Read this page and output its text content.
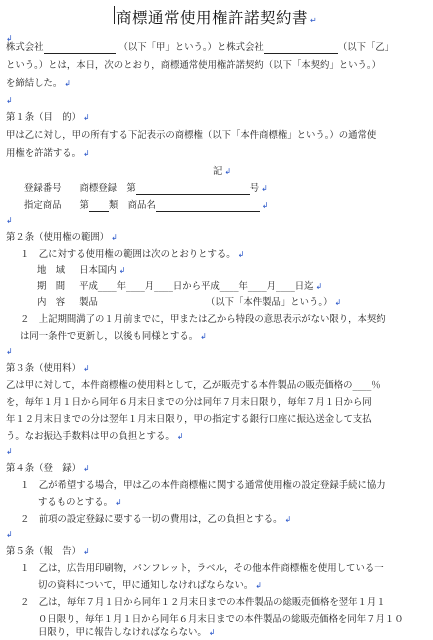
商標通常使用権許諾契約書 ↵
↲
株式会社	（以下「甲」という。）と株式会社	（以下「乙」
という。）とは，本日，次のとおり，商標通常使用権許諾契約（以下「本契約」という。）
を締結した。 ↲
↲
第１条（目　的） ↲
甲は乙に対し，甲の所有する下記表示の商標権（以下「本件商標権」という。）の通常使
用権を許諾する。 ↲
記 ↲
登録番号 商標登録　第	号 ↲
指定商品 第 類　商品名	↲
↲
第２条（使用権の範囲） ↲
１　乙に対する使用権の範囲は次のとおりとする。 ↲
地　域 日本国内 ↲
期　間 平成____年____月____日から平成____年____月____日迄 ↲
内　容 製品	（以下「本件製品」という。） ↲
２　上記期間満了の１月前までに，甲または乙から特段の意思表示がない限り，本契約
は同一条件で更新し，以後も同様とする。 ↲
↲
第３条（使用料） ↲
乙は甲に対して，本件商標権の使用料として，乙が販売する本件製品の販売価格の____％
を，毎年１月１日から同年６月末日までの分は同年７月末日限り，毎年７月１日から同
年１２月末日までの分は翌年１月末日限り，甲の指定する銀行口座に振込送金して支払
う。なお振込手数料は甲の負担とする。 ↲
↲
第４条（登　録） ↲
１　乙が希望する場合，甲は乙の本件商標権に関する通常使用権の設定登録手続に協力
するものとする。 ↲
２　前項の設定登録に要する一切の費用は，乙の負担とする。 ↲
↲
第５条（報　告） ↲
１　乙は，広告用印刷物，パンフレット，ラベル，その他本件商標権を使用している一
切の資料について，甲に通知しなければならない。 ↲
２　乙は，毎年７月１日から同年１２月末日までの本件製品の総販売価格を翌年１月１
０日限り，毎年１月１日から同年６月末日までの本件製品の総販売価格を同年７月１０
日限り，甲に報告しなければならない。 ↲
